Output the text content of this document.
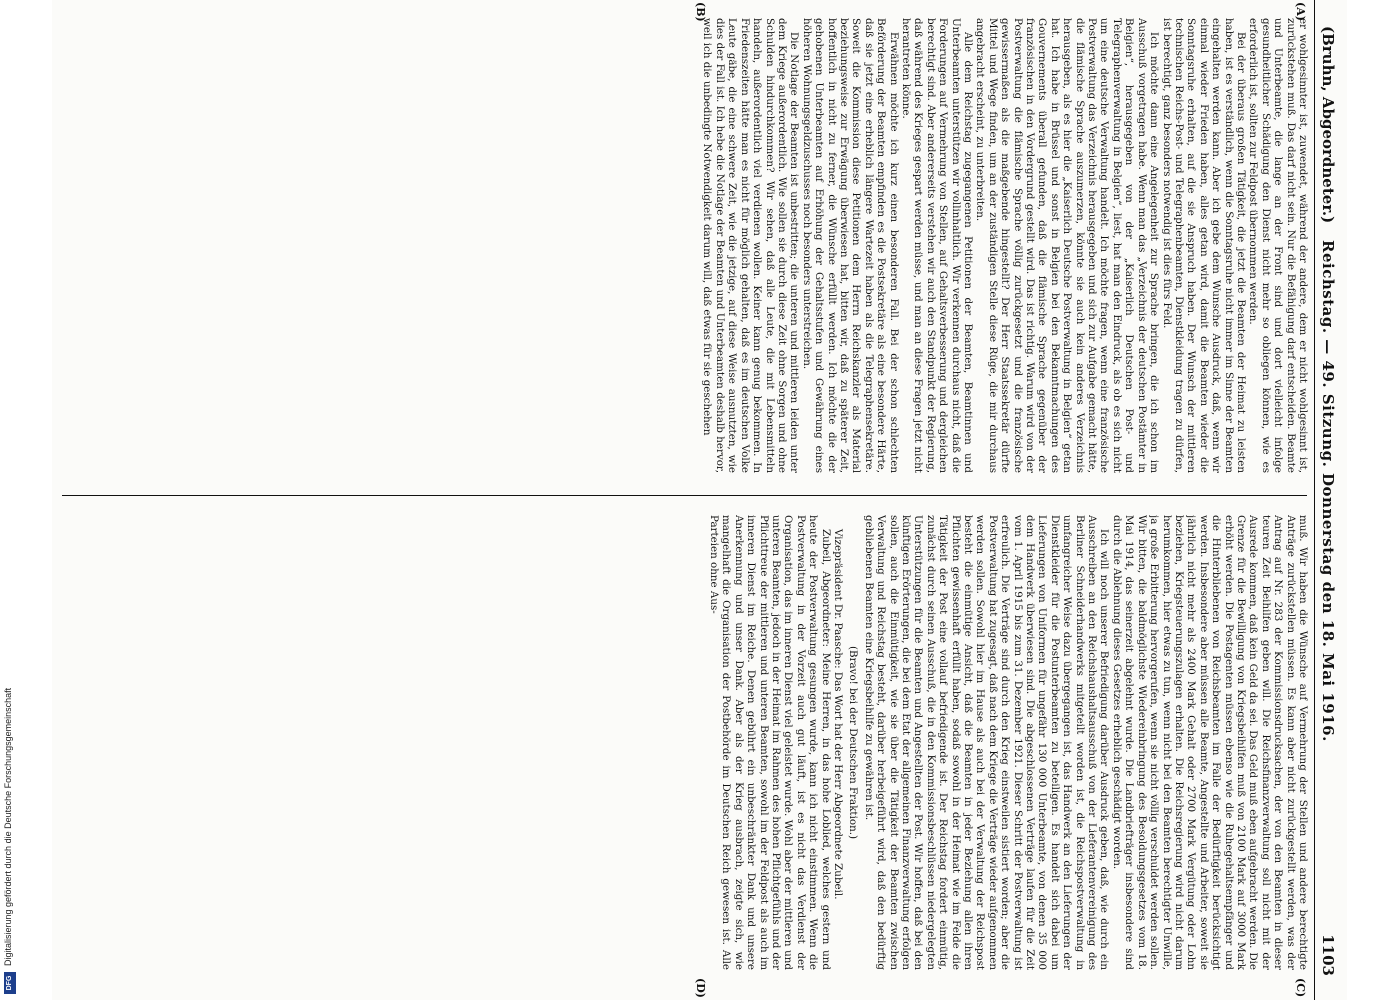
(Bruhn, Abgeordneter.)
Reichstag. — 49. Sitzung. Donnerstag den 18. Mai 1916.
1103
(A)
(B)
(C)
(D)

er wohlgesinnter ist, zuwendet, während der andere, dem er nicht wohlgesinnt ist, zurückstehen muß. Das darf nicht sein. Nur die Befähigung darf entscheiden. Beamte und Unterbeamte, die lange an der Front sind und dort vielleicht infolge gesundheitlicher Schädigung den Dienst nicht mehr so obliegen können, wie es erforderlich ist, sollten zur Feldpost übernommen werden.

Bei der überaus großen Tätigkeit, die jetzt die Beamten der Heimat zu leisten haben, ist es verständlich, wenn die Sonntagsruhe nicht immer im Sinne der Beamten eingehalten werden kann. Aber ich gebe dem Wunsche Ausdruck, daß, wenn wir einmal wieder Frieden haben, alles getan wird, damit die Beamten wieder die Sonntagsruhe erhalten, auf die sie Anspruch haben. Der Wunsch der mittleren technischen Reichs-Post- und Telegraphenbeamten, Dienstkleidung tragen zu dürfen, ist berechtigt, ganz besonders notwendig ist dies fürs Feld.

Ich möchte dann eine Angelegenheit zur Sprache bringen, die ich schon im Ausschuß vorgetragen habe. Wenn man das „Verzeichnis der deutschen Postämter in Belgien“, herausgegeben von der „Kaiserlich Deutschen Post- und Telegraphenverwaltung in Belgien“, liest, hat man den Eindruck, als ob es sich nicht um eine deutsche Verwaltung handelt. Ich möchte fragen, wenn eine französische Postverwaltung das Verzeichnis herausgegeben und sich zur Aufgabe gemacht hätte, die flämische Sprache auszumerzen, könnte sie auch kein anderes Verzeichnis herausgeben, als es hier die „Kaiserlich Deutsche Postverwaltung in Belgien“ getan hat. Ich habe in Brüssel und sonst in Belgien bei den Bekanntmachungen des Gouvernements überall gefunden, daß die flämische Sprache gegenüber der französischen in den Vordergrund gestellt wird. Das ist richtig. Warum wird von der Postverwaltung die flämische Sprache völlig zurückgesetzt und die französische gewissermaßen als die maßgebende hingestellt? Der Herr Staatssekretär dürfte Mittel und Wege finden, um an der zuständigen Stelle diese Rüge, die mir durchaus angebracht erscheint, zu unterbreiten.

Alle dem Reichstag zugegangenen Petitionen der Beamten, Beamtinnen und Unterbeamten unterstützen wir vollinhaltlich. Wir verkennen durchaus nicht, daß die Forderungen auf Vermehrung von Stellen, auf Gehaltsverbesserung und dergleichen berechtigt sind. Aber andererseits verstehen wir auch den Standpunkt der Regierung, daß während des Krieges gespart werden müsse, und man an diese Fragen jetzt nicht herantreten könne.

Erwähnen möchte ich kurz einen besonderen Fall. Bei der schon schlechten Beförderung der Beamten empfinden es die Postsekretäre als eine besondere Härte, daß sie jetzt eine erheblich längere Wartezeit haben als die Telegraphensekretäre. Soweit die Kommission diese Petitionen dem Herrn Reichskanzler als Material beziehungsweise zur Erwägung überwiesen hat, bitten wir, daß zu späterer Zeit, hoffentlich in nicht zu ferner, die Wünsche erfüllt werden. Ich möchte die der gehobenen Unterbeamten auf Erhöhung der Gehaltsstufen und Gewährung eines höheren Wohnungsgeldzuschusses noch besonders unterstreichen.

Die Notlage der Beamten ist unbestritten; die unteren und mittleren leiden unter dem Kriege außerordentlich. Wie sollen sie durch diese Zeit ohne Sorgen und ohne Schulden hindurchkommen? Wir sehen, daß alle Leute, die mit Lebensmitteln handeln, außerordentlich viel verdienen wollen. Keiner kann genug bekommen. In Friedenszeiten hätte man es nicht für möglich gehalten, daß es im deutschen Volke Leute gäbe, die eine schwere Zeit, wie die jetzige, auf diese Weise ausnutzten, wie dies der Fall ist. Ich hebe die Notlage der Beamten und Unterbeamten deshalb hervor, weil ich die unbedingte Notwendigkeit darum will, daß etwas für sie geschehen

muß. Wir haben die Wünsche auf Vermehrung der Stellen und andere berechtigte Anträge zurückstellen müssen. Es kann aber nicht zurückgestellt werden, was der Antrag auf Nr. 283 der Kommissionsdrucksachen, der von den Beamten in dieser teuren Zeit Beihilfen geben will. Die Reichsfinanzverwaltung soll nicht mit der Ausrede kommen, daß kein Geld da sei. Das Geld muß eben aufgebracht werden. Die Grenze für die Bewilligung von Kriegsbeihilfen muß von 2100 Mark auf 3000 Mark erhöht werden. Die Postagenten müssen ebenso wie die Ruhegehaltsempfänger und die Hinterbliebenen von Reichsbeamten im Falle der Bedürftigkeit berücksichtigt werden. Insbesondere aber müssen alle Beamte, Angestellte und Arbeiter, soweit sie jährlich nicht mehr als 2400 Mark Gehalt oder 2700 Mark Vergütung oder Lohn beziehen, Kriegsteuerungszulagen erhalten. Die Reichsregierung wird nicht darum herumkommen, hier etwas zu tun, wenn nicht bei den Beamten berechtigter Unwille, ja große Erbitterung hervorgerufen, wenn sie nicht völlig verschuldet werden sollen. Wir bitten, die baldmöglichste Wiedereinbringung des Besoldungsgesetzes vom 18. Mai 1914, das seinerzeit abgelehnt wurde. Die Landbriefträger insbesondere sind durch die Ablehnung dieses Gesetzes erheblich geschädigt worden.

Ich will noch unserer Befriedigung darüber Ausdruck geben, daß, wie durch ein Ausschreiben an den Reichshaushaltsausschuß von der Lieferantenvereinigung des Berliner Schneiderhandwerks mitgeteilt worden ist, die Reichspostverwaltung in umfangreicher Weise dazu übergegangen ist, das Handwerk an den Lieferungen der Dienstkleider für die Postunterbeamten zu beteiligen. Es handelt sich dabei um Lieferungen von Uniformen für ungefähr 130 000 Unterbeamte, von denen 35 000 dem Handwerk überwiesen sind. Die abgeschlossenen Verträge laufen für die Zeit vom 1. April 1915 bis zum 31. Dezember 1921. Dieser Schritt der Postverwaltung ist erfreulich. Die Verträge sind durch den Krieg einstweilen sistiert worden; aber die Postverwaltung hat zugesagt, daß nach dem Kriege die Verträge wieder aufgenommen werden sollen. Sowohl hier im Hause als auch bei der Verwaltung der Reichspost besteht die einmütige Ansicht, daß die Beamten in jeder Beziehung allen ihren Pflichten gewissenhaft erfüllt haben, sodaß sowohl in der Heimat wie im Felde die Tätigkeit der Post eine vollauf befriedigende ist. Der Reichstag fordert einmütig, zunächst durch seinen Ausschuß, die in den Kommissionsbeschlüssen niedergelegten Unterstützungen für die Beamten und Angestellten der Post. Wir hoffen, daß bei den künftigen Erörterungen, die bei dem Etat der allgemeinen Finanzverwaltung erfolgen sollen, auch die Einmütigkeit, wie sie über die Tätigkeit der Beamten zwischen Verwaltung und Reichstag besteht, darüber herbeigeführt wird, daß den bedürftig gebliebenen Beamten eine Kriegsbeihilfe zu gewähren ist.

(Bravo! bei der Deutschen Fraktion.)

Vizepräsident Dr. Paasche: Das Wort hat der Herr Abgeordnete Zubeil.

Zubeil, Abgeordneter: Meine Herren, in das hohe Loblied, welches gestern und heute der Postverwaltung gesungen wurde, kann ich nicht einstimmen. Wenn die Postverwaltung in der Vorzeit auch gut läuft, ist es nicht das Verdienst der Organisation, das im inneren Dienst viel geleistet wurde. Wohl aber der mittleren und unteren Beamten, jedoch in der Heimat im Rahmen des hohen Pflichtgefühls und der Pflichttreue der mittleren und unteren Beamten, sowohl im der Feldpost als auch im inneren Dienst im Reiche. Denen gebührt ein unbeschränkter Dank und unsere Anerkennung und unser Dank. Aber als der Krieg ausbrach, zeigte sich, wie mangelhaft die Organisation der Postbehörde im Deutschen Reich gewesen ist. Alle Parteien ohne Aus-

DFG
Digitalisierung gefördert durch die Deutsche Forschungsgemeinschaft
